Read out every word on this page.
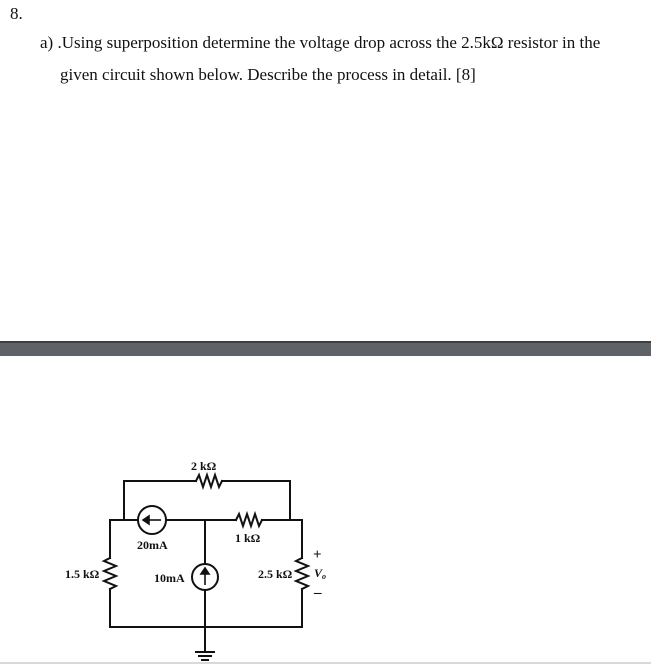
8.
a) .Using superposition determine the voltage drop across the 2.5kΩ resistor in the
given circuit shown below. Describe the process in detail. [8]
2 kΩ
1 kΩ
20mA
1.5 kΩ	10mA	2.5 kΩ
+
Vo
–
